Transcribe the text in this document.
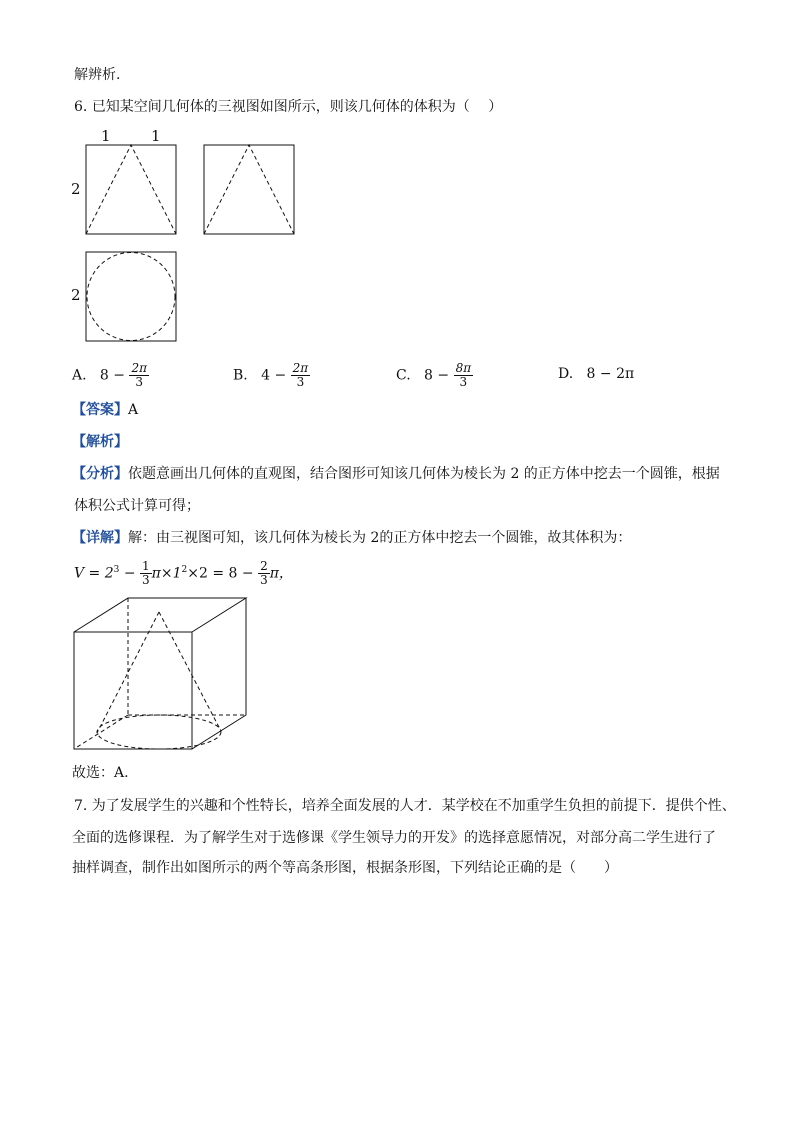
解辨析.
6. 已知某空间几何体的三视图如图所示，则该几何体的体积为（　 ）
1	1
2
2
A. $8 - \frac{2\pi}{3}$	B. $4 - \frac{2\pi}{3}$	C. $8 - \frac{8\pi}{3}$	D. 8 − 2π
【答案】A
【解析】
【分析】依题意画出几何体的直观图，结合图形可知该几何体为棱长为 2 的正方体中挖去一个圆锥，根据
体积公式计算可得；
【详解】解：由三视图可知，该几何体为棱长为 2的正方体中挖去一个圆锥，故其体积为：
$V = 2^3 - \frac{1}{3} \pi\times 1^2\times 2 = 8 - \frac{2}{3}$ π，
故选：A.
7. 为了发展学生的兴趣和个性特长，培养全面发展的人才．某学校在不加重学生负担的前提下．提供个性、
全面的选修课程．为了解学生对于选修课《学生领导力的开发》的选择意愿情况，对部分高二学生进行了
抽样调查，制作出如图所示的两个等高条形图，根据条形图，下列结论正确的是（　　）
